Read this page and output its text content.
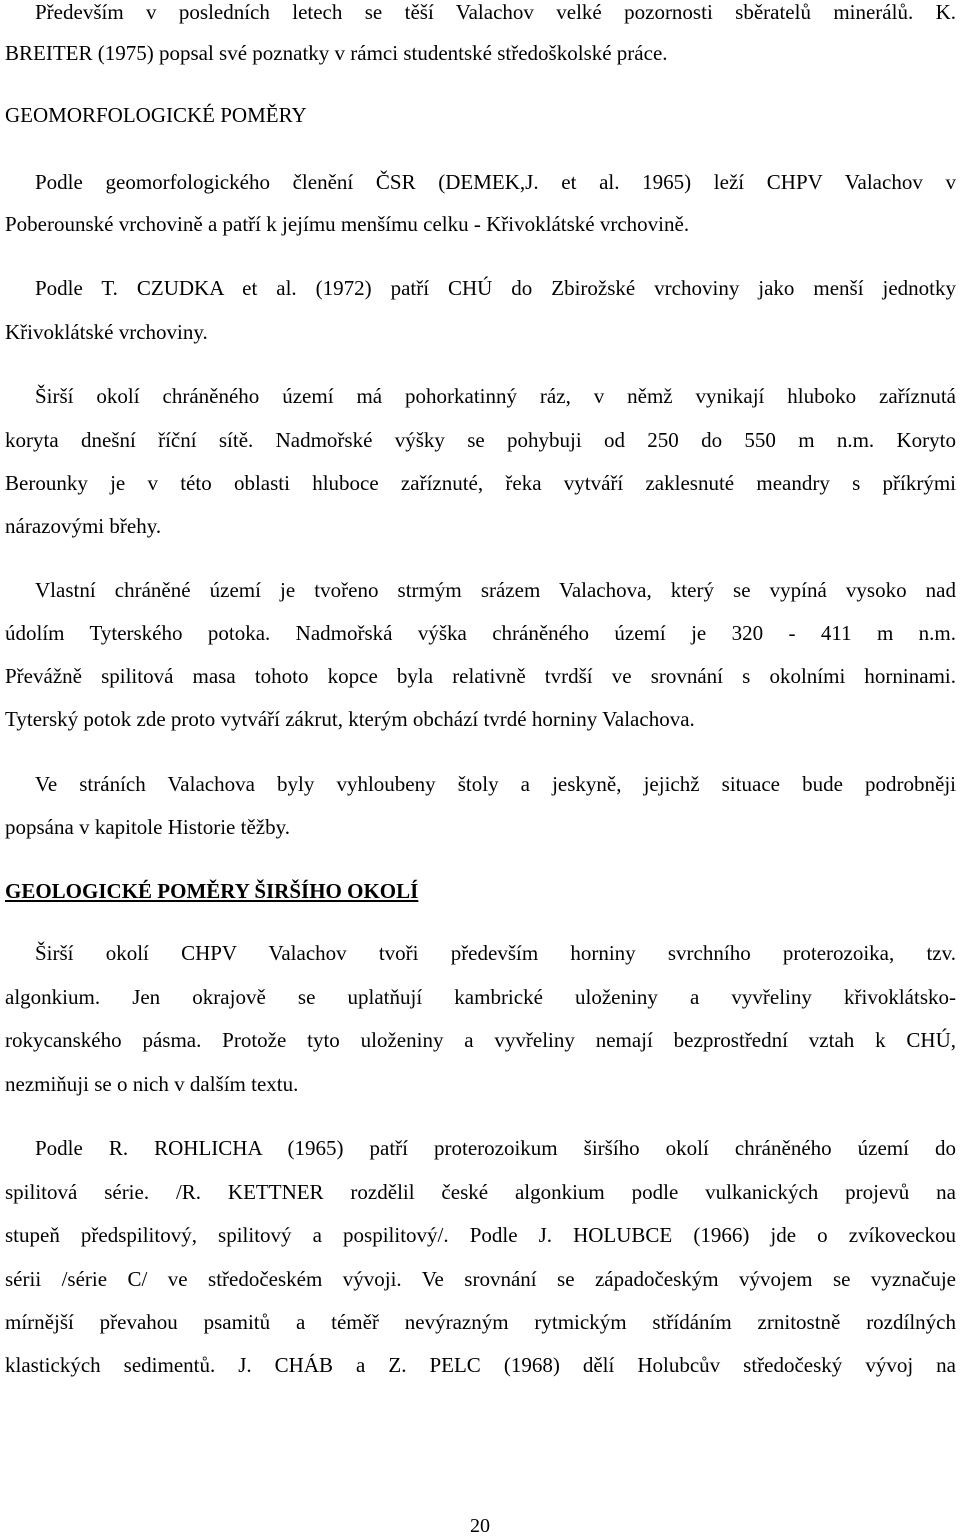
Především v posledních letech se těší Valachov velké pozornosti sběratelů minerálů. K.
BREITER (1975) popsal své poznatky v rámci studentské středoškolské práce.
GEOMORFOLOGICKÉ POMĚRY
Podle geomorfologického členění ČSR (DEMEK,J. et al. 1965) leží CHPV Valachov v
Poberounské vrchovině a patří k jejímu menšímu celku - Křivoklátské vrchovině.
Podle T. CZUDKA et al. (1972) patří CHÚ do Zbirožské vrchoviny jako menší jednotky
Křivoklátské vrchoviny.
Širší okolí chráněného území má pohorkatinný ráz, v němž vynikají hluboko zaříznutá
koryta dnešní říční sítě. Nadmořské výšky se pohybuji od 250 do 550 m n.m. Koryto
Berounky je v této oblasti hluboce zaříznuté, řeka vytváří zaklesnuté meandry s příkrými
nárazovými břehy.
Vlastní chráněné území je tvořeno strmým srázem Valachova, který se vypíná vysoko nad
údolím Tyterského potoka. Nadmořská výška chráněného území je 320 - 411 m n.m.
Převážně spilitová masa tohoto kopce byla relativně tvrdší ve srovnání s okolními horninami.
Tyterský potok zde proto vytváří zákrut, kterým obchází tvrdé horniny Valachova.
Ve stráních Valachova byly vyhloubeny štoly a jeskyně, jejichž situace bude podrobněji
popsána v kapitole Historie těžby.
GEOLOGICKÉ POMĚRY ŠIRŠÍHO OKOLÍ
Širší okolí CHPV Valachov tvoři především horniny svrchního proterozoika, tzv.
algonkium. Jen okrajově se uplatňují kambrické uloženiny a vyvřeliny křivoklátsko-
rokycanského pásma. Protože tyto uloženiny a vyvřeliny nemají bezprostřední vztah k CHÚ,
nezmiňuji se o nich v dalším textu.
Podle R. ROHLICHA (1965) patří proterozoikum širšího okolí chráněného území do
spilitová série. /R. KETTNER rozdělil české algonkium podle vulkanických projevů na
stupeň předspilitový, spilitový a pospilitový/. Podle J. HOLUBCE (1966) jde o zvíkoveckou
sérii /série C/ ve středočeském vývoji. Ve srovnání se západočeským vývojem se vyznačuje
mírnější převahou psamitů a téměř nevýrazným rytmickým střídáním zrnitostně rozdílných
klastických sedimentů. J. CHÁB a Z. PELC (1968) dělí Holubcův středočeský vývoj na
20
